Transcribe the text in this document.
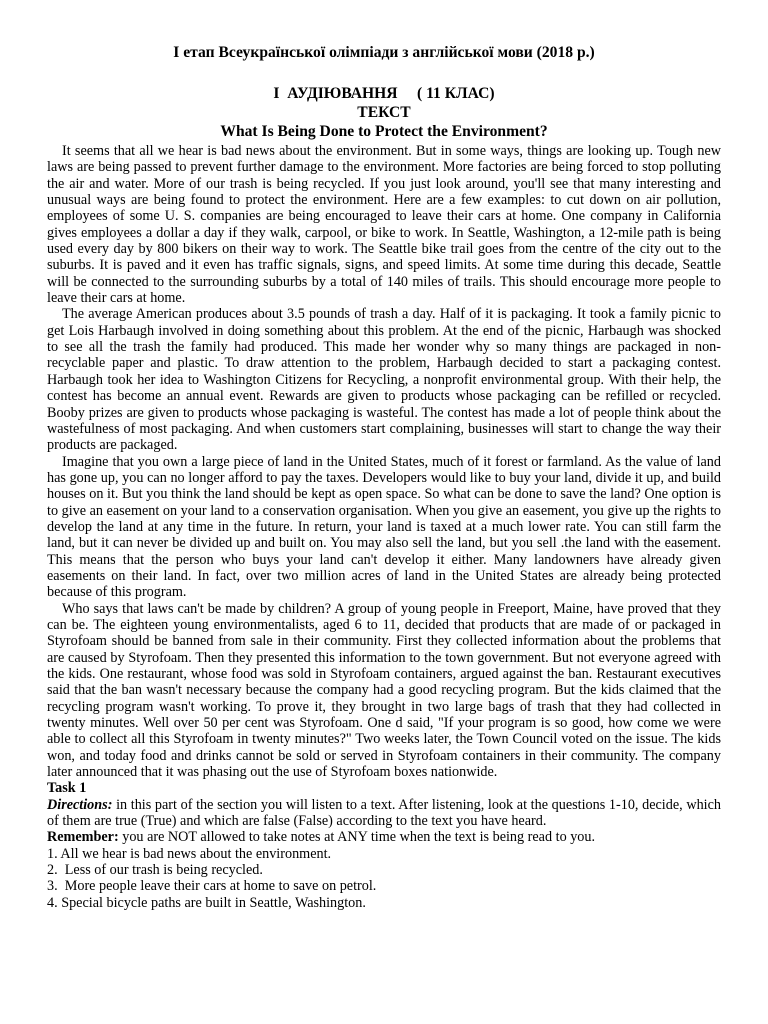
І етап Всеукраїнської олімпіади з англійської мови (2018 р.)

I  АУДІЮВАННЯ     ( 11 КЛАС)

ТЕКСТ

What Is Being Done to Protect the Environment?

It seems that all we hear is bad news about the environment. But in some ways, things are looking up. Tough new laws are being passed to prevent further damage to the environment. More factories are being forced to stop polluting the air and water. More of our trash is being recycled. If you just look around, you'll see that many interesting and unusual ways are being found to protect the environment. Here are a few examples: to cut down on air pollution, employees of some U. S. companies are being encouraged to leave their cars at home. One company in California gives employees a dollar a day if they walk, carpool, or bike to work. In Seattle, Washington, a 12-mile path is being used every day by 800 bikers on their way to work. The Seattle bike trail goes from the centre of the city out to the suburbs. It is paved and it even has traffic signals, signs, and speed limits. At some time during this decade, Seattle will be connected to the surrounding suburbs by a total of 140 miles of trails. This should encourage more people to leave their cars at home.

The average American produces about 3.5 pounds of trash a day. Half of it is packaging. It took a family picnic to get Lois Harbaugh involved in doing something about this problem. At the end of the picnic, Harbaugh was shocked to see all the trash the family had produced. This made her wonder why so many things are packaged in non-recyclable paper and plastic. To draw attention to the problem, Harbaugh decided to start a packaging contest. Harbaugh took her idea to Washington Citizens for Recycling, a nonprofit environmental group. With their help, the contest has become an annual event. Rewards are given to products whose packaging can be refilled or recycled. Booby prizes are given to products whose packaging is wasteful. The contest has made a lot of people think about the wastefulness of most packaging. And when customers start complaining, businesses will start to change the way their products are packaged.

Imagine that you own a large piece of land in the United States, much of it forest or farmland. As the value of land has gone up, you can no longer afford to pay the taxes. Developers would like to buy your land, divide it up, and build houses on it. But you think the land should be kept as open space. So what can be done to save the land? One option is to give an easement on your land to a conservation organisation. When you give an easement, you give up the rights to develop the land at any time in the future. In return, your land is taxed at a much lower rate. You can still farm the land, but it can never be divided up and built on. You may also sell the land, but you sell .the land with the easement. This means that the person who buys your land can't develop it either. Many landowners have already given easements on their land. In fact, over two million acres of land in the United States are already being protected because of this program.

Who says that laws can't be made by children? A group of young people in Freeport, Maine, have proved that they can be. The eighteen young environmentalists, aged 6 to 11, decided that products that are made of or packaged in Styrofoam should be banned from sale in their community. First they collected information about the problems that are caused by Styrofoam. Then they presented this information to the town government. But not everyone agreed with the kids. One restaurant, whose food was sold in Styrofoam containers, argued against the ban. Restaurant executives said that the ban wasn't necessary because the company had a good recycling program. But the kids claimed that the recycling program wasn't working. To prove it, they brought in two large bags of trash that they had collected in twenty minutes. Well over 50 per cent was Styrofoam. One d said, "If your program is so good, how come we were able to collect all this Styrofoam in twenty minutes?" Two weeks later, the Town Council voted on the issue. The kids won, and today food and drinks cannot be sold or served in Styrofoam containers in their community. The company later announced that it was phasing out the use of Styrofoam boxes nationwide.

Task 1

Directions: in this part of the section you will listen to a text. After listening, look at the questions 1-10, decide, which of them are true (True) and which are false (False) according to the text you have heard.

Remember: you are NOT allowed to take notes at ANY time when the text is being read to you.

1. All we hear is bad news about the environment.
2.  Less of our trash is being recycled.
3.  More people leave their cars at home to save on petrol.
4. Special bicycle paths are built in Seattle, Washington.
